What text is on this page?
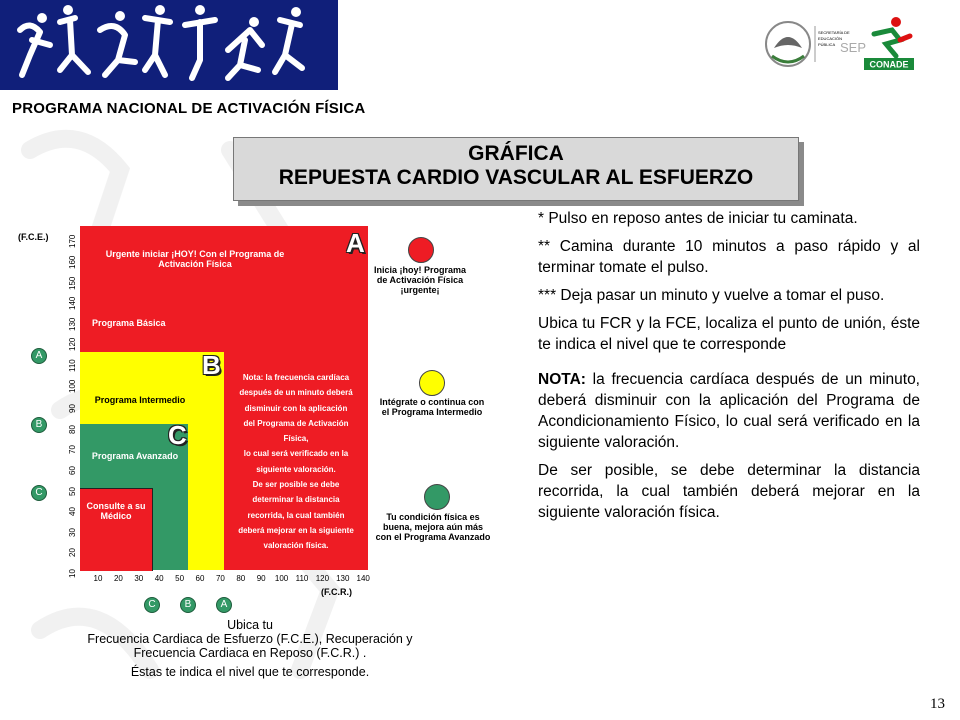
SECRETARÍA DE
EDUCACIÓN
PÚBLICA SEP
CONADE
PROGRAMA NACIONAL DE ACTIVACIÓN FÍSICA
GRÁFICA
REPUESTA CARDIO VASCULAR AL ESFUERZO
(F.C.E.)
(F.C.R.)
10
20
30
40
50
60
70
80
90
100
110
120
130
140
150
160
170
10	20	30	40	50	60	70	80	90	100 110 120 130 140
Urgente iniciar ¡HOY! Con el Programa de Activación Física
Programa Básica
Programa Intermedio
Programa Avanzado
Consulte a su Médico
Nota: la frecuencia cardíaca
después de un minuto deberá
disminuir con la aplicación
del Programa de Activación
Física,
lo cual será verificado en la
siguiente valoración.
De ser posible se debe
determinar la distancia
recorrida, la cual también
deberá mejorar en la siguiente
valoración física.
A
B
C
A
B
C
C	B	A
Inicia ¡hoy! Programa de Activación Física ¡urgente¡
Intégrate o continua con el Programa Intermedio
Tu condición física es buena, mejora aún más con el Programa Avanzado
Ubica tu
Frecuencia Cardiaca de Esfuerzo (F.C.E.), Recuperación y
Frecuencia Cardiaca en Reposo (F.C.R.) .
Éstas te indica el nivel que te corresponde.

* Pulso en reposo antes de iniciar tu caminata.

** Camina durante 10 minutos a paso rápido y al terminar tomate el pulso.

*** Deja pasar un minuto y vuelve a tomar el puso.

Ubica tu FCR y la FCE, localiza el punto de unión, éste te indica el nivel que te corresponde

NOTA: la frecuencia cardíaca después de un minuto, deberá disminuir con la aplicación del Programa de Acondicionamiento Físico, lo cual será verificado en la siguiente valoración.

De ser posible, se debe determinar la distancia recorrida, la cual también deberá mejorar en la siguiente valoración física.

13
